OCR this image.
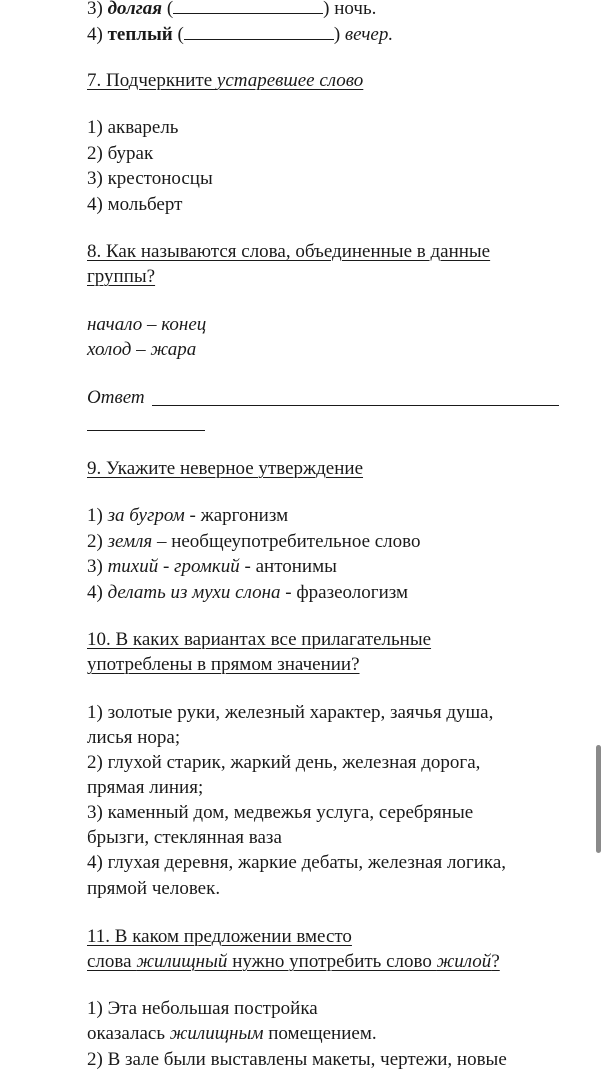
3) долгая (	) ночь.
4) теплый (	) вечер.
7. Подчеркните устаревшее слово
1) акварель
2) бурак
3) крестоносцы
4) мольберт
8. Как называются слова, объединенные в данные
группы?
начало – конец
холод – жара
Ответ
9. Укажите неверное утверждение
1) за бугром - жаргонизм
2) земля – необщеупотребительное слово
3) тихий - громкий - антонимы
4) делать из мухи слона - фразеологизм
10. В каких вариантах все прилагательные
употреблены в прямом значении?
1) золотые руки, железный характер, заячья душа,
лисья нора;
2) глухой старик, жаркий день, железная дорога,
прямая линия;
3) каменный дом, медвежья услуга, серебряные
брызги, стеклянная ваза
4) глухая деревня, жаркие дебаты, железная логика,
прямой человек.
11. В каком предложении вместо
слова жилищный нужно употребить слово жилой?
1) Эта небольшая постройка
оказалась жилищным помещением.
2) В зале были выставлены макеты, чертежи, новые
